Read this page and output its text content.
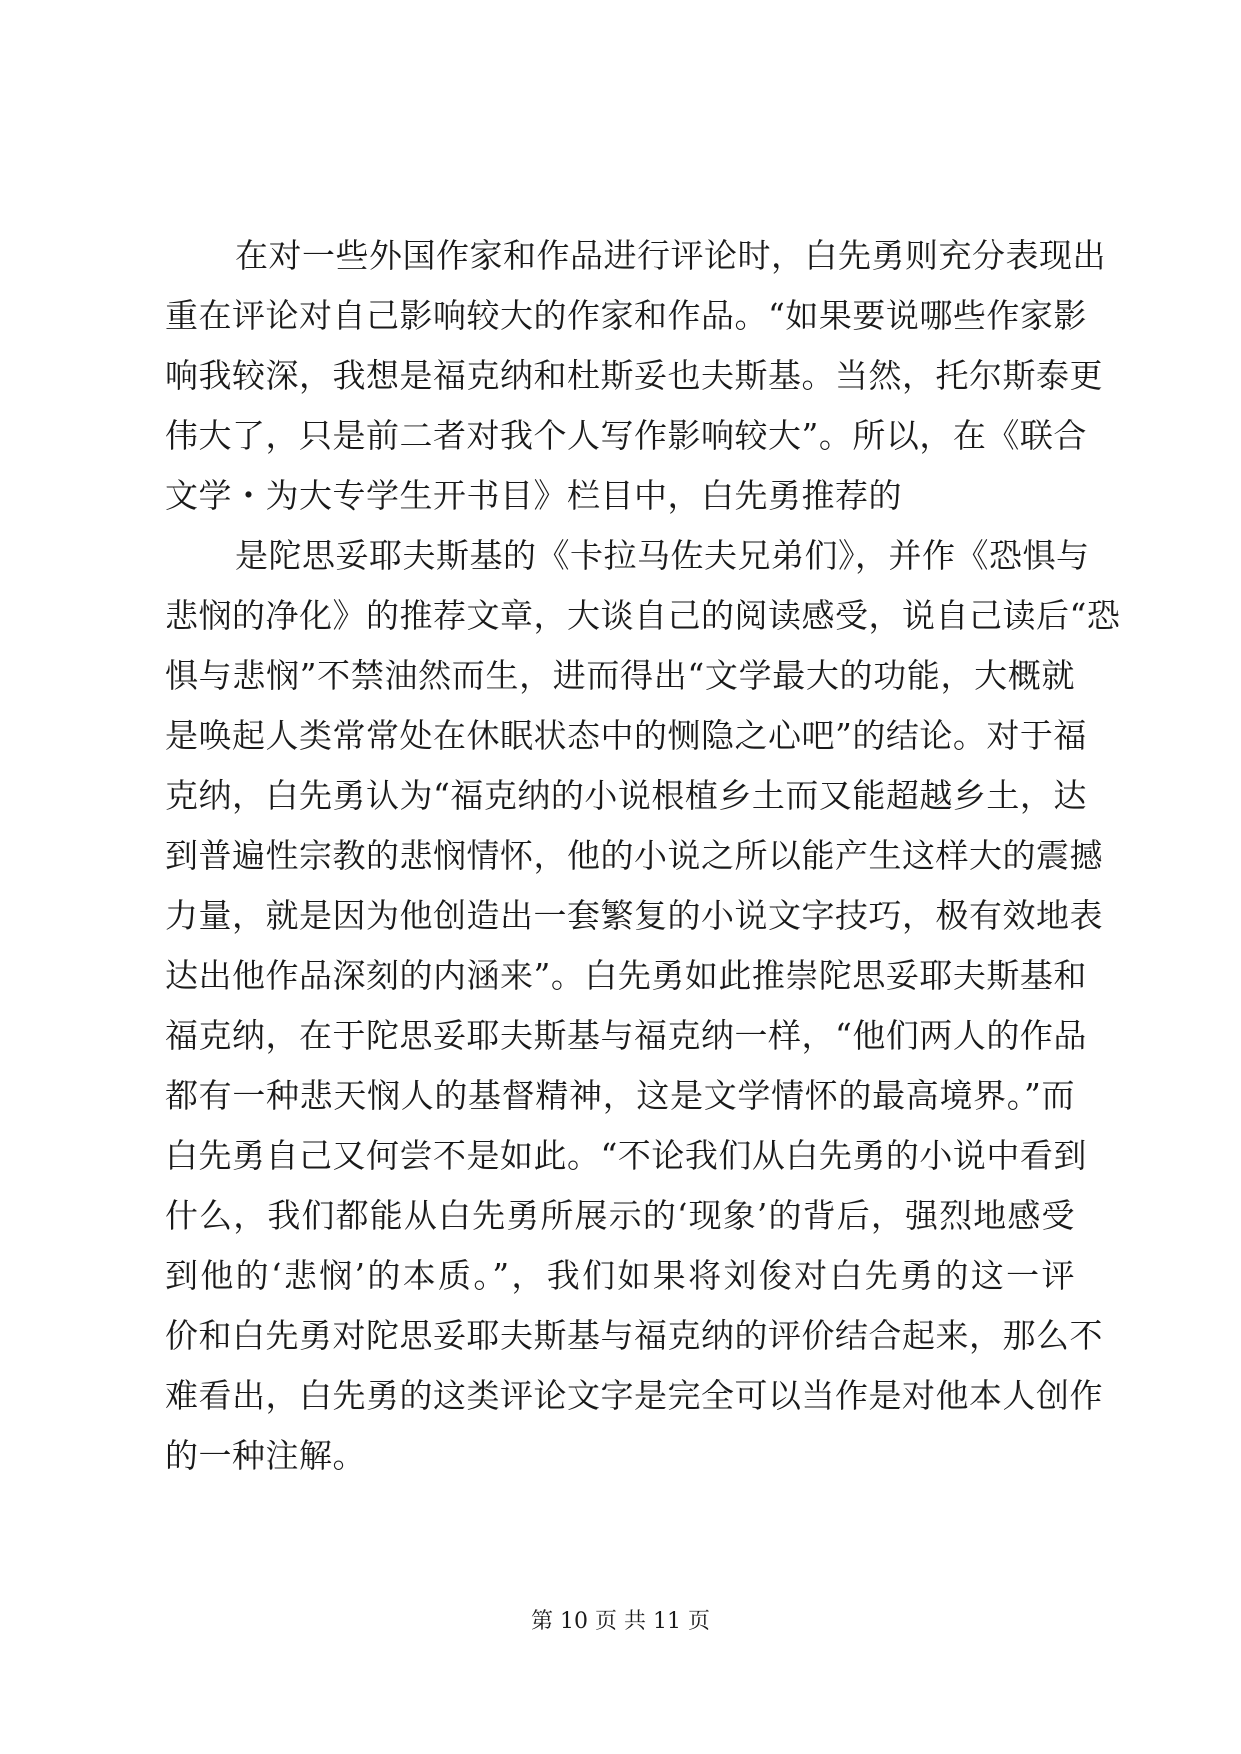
在对一些外国作家和作品进行评论时，白先勇则充分表现出
重在评论对自己影响较大的作家和作品。“如果要说哪些作家影
响我较深，我想是福克纳和杜斯妥也夫斯基。当然，托尔斯泰更
伟大了，只是前二者对我个人写作影响较大”。所以，在《联合
文学・为大专学生开书目》栏目中，白先勇推荐的
是陀思妥耶夫斯基的《卡拉马佐夫兄弟们》，并作《恐惧与
悲悯的净化》的推荐文章，大谈自己的阅读感受，说自己读后“恐
惧与悲悯”不禁油然而生，进而得出“文学最大的功能，大概就
是唤起人类常常处在休眠状态中的恻隐之心吧”的结论。对于福
克纳，白先勇认为“福克纳的小说根植乡土而又能超越乡土，达
到普遍性宗教的悲悯情怀，他的小说之所以能产生这样大的震撼
力量，就是因为他创造出一套繁复的小说文字技巧，极有效地表
达出他作品深刻的内涵来”。白先勇如此推崇陀思妥耶夫斯基和
福克纳，在于陀思妥耶夫斯基与福克纳一样，“他们两人的作品
都有一种悲天悯人的基督精神，这是文学情怀的最高境界。”而
白先勇自己又何尝不是如此。“不论我们从白先勇的小说中看到
什么，我们都能从白先勇所展示的‘现象’的背后，强烈地感受
到他的‘悲悯’的本质。”，我们如果将刘俊对白先勇的这一评
价和白先勇对陀思妥耶夫斯基与福克纳的评价结合起来，那么不
难看出，白先勇的这类评论文字是完全可以当作是对他本人创作
的一种注解。
第 10 页 共 11 页
